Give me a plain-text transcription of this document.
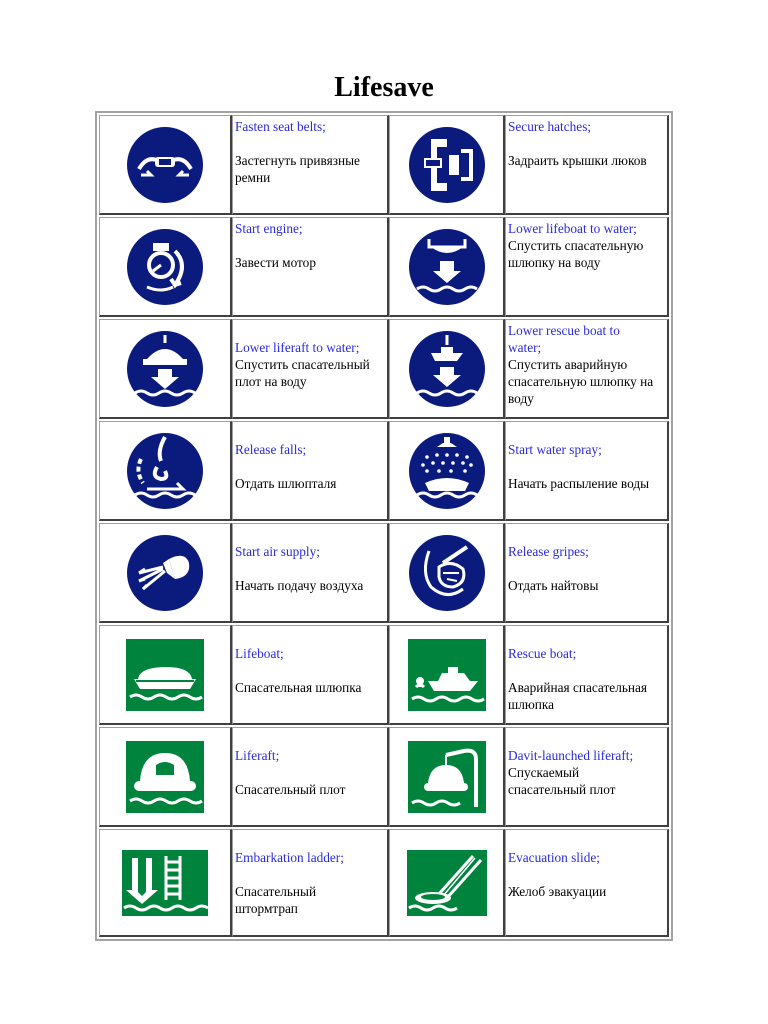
Lifesave
Fasten seat belts;
Застегнуть привязные ремни
Secure hatches;
Задраить крышки люков
Start engine;
Завести мотор
Lower lifeboat to water;
Спустить спасательную шлюпку на воду
Lower liferaft to water;
Спустить спасательный плот на воду
Lower rescue boat to water;
Спустить аварийную спасательную шлюпку на воду
Release falls;
Отдать шлюпталя
Start water spray;
Начать распыление воды
Start air supply;
Начать подачу воздуха
Release gripes;
Отдать найтовы
Lifeboat;
Спасательная шлюпка
Rescue boat;
Аварийная спасательная шлюпка
Liferaft;
Спасательный плот
Davit-launched liferaft;
Спускаемый спасательный плот
Embarkation ladder;
Спасательный штормтрап
Evacuation slide;
Желоб эвакуации
